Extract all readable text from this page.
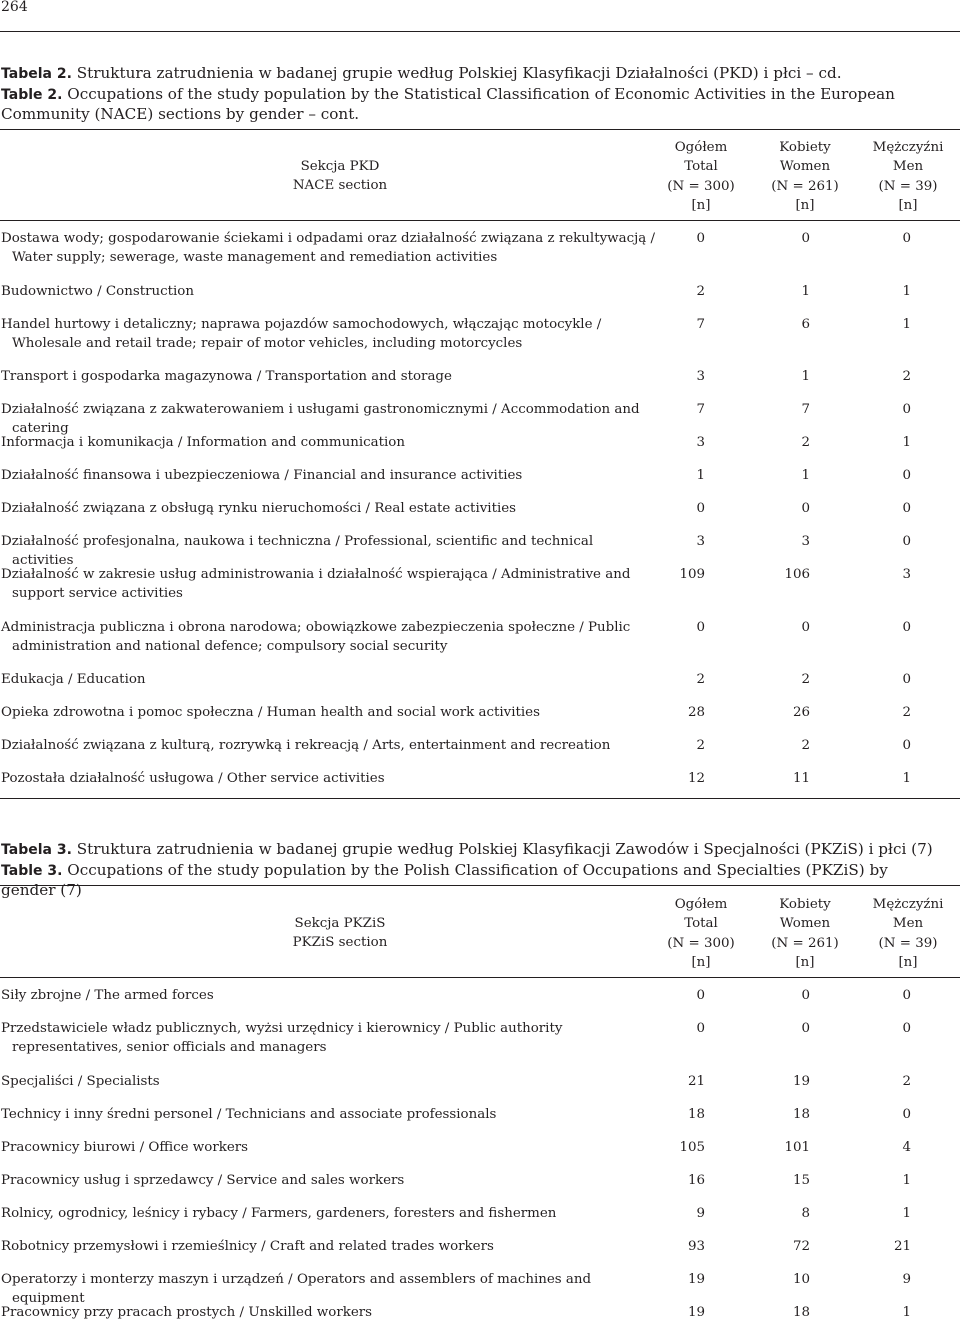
264
Tabela 2. Struktura zatrudnienia w badanej grupie według Polskiej Klasyfikacji Działalności (PKD) i płci – cd.
Table 2. Occupations of the study population by the Statistical Classification of Economic Activities in the European Community (NACE) sections by gender – cont.
Sekcja PKD
NACE section
Ogółem
Total
(N = 300)
[n]
Kobiety
Women
(N = 261)
[n]
Mężczyźni
Men
(N = 39)
[n]
Dostawa wody; gospodarowanie ściekami i odpadami oraz działalność związana z rekultywacją / Water supply; sewerage, waste management and remediation activities
0	0	0
Budownictwo / Construction	2	1	1
Handel hurtowy i detaliczny; naprawa pojazdów samochodowych, włączając motocykle / Wholesale and retail trade; repair of motor vehicles, including motorcycles
7	6	1
Transport i gospodarka magazynowa / Transportation and storage	3	1	2
Działalność związana z zakwaterowaniem i usługami gastronomicznymi / Accommodation and catering
7	7	0
Informacja i komunikacja / Information and communication	3	2	1
Działalność finansowa i ubezpieczeniowa / Financial and insurance activities	1	1	0
Działalność związana z obsługą rynku nieruchomości / Real estate activities	0	0	0
Działalność profesjonalna, naukowa i techniczna / Professional, scientific and technical activities
3	3	0
Działalność w zakresie usług administrowania i działalność wspierająca / Administrative and support service activities
109	106	3
Administracja publiczna i obrona narodowa; obowiązkowe zabezpieczenia społeczne / Public administration and national defence; compulsory social security
0	0	0
Edukacja / Education	2	2	0
Opieka zdrowotna i pomoc społeczna / Human health and social work activities	28	26	2
Działalność związana z kulturą, rozrywką i rekreacją / Arts, entertainment and recreation	2	2	0
Pozostała działalność usługowa / Other service activities	12	11	1
Tabela 3. Struktura zatrudnienia w badanej grupie według Polskiej Klasyfikacji Zawodów i Specjalności (PKZiS) i płci (7)
Table 3. Occupations of the study population by the Polish Classification of Occupations and Specialties (PKZiS) by gender (7)
Sekcja PKZiS
PKZiS section
Ogółem
Total
(N = 300)
[n]
Kobiety
Women
(N = 261)
[n]
Mężczyźni
Men
(N = 39)
[n]
Siły zbrojne / The armed forces	0	0	0
Przedstawiciele władz publicznych, wyżsi urzędnicy i kierownicy / Public authority representatives, senior officials and managers
0	0	0
Specjaliści / Specialists	21	19	2
Technicy i inny średni personel / Technicians and associate professionals	18	18	0
Pracownicy biurowi / Office workers	105	101	4
Pracownicy usług i sprzedawcy / Service and sales workers	16	15	1
Rolnicy, ogrodnicy, leśnicy i rybacy / Farmers, gardeners, foresters and fishermen	9	8	1
Robotnicy przemysłowi i rzemieślnicy / Craft and related trades workers	93	72	21
Operatorzy i monterzy maszyn i urządzeń / Operators and assemblers of machines and equipment
19	10	9
Pracownicy przy pracach prostych / Unskilled workers	19	18	1
